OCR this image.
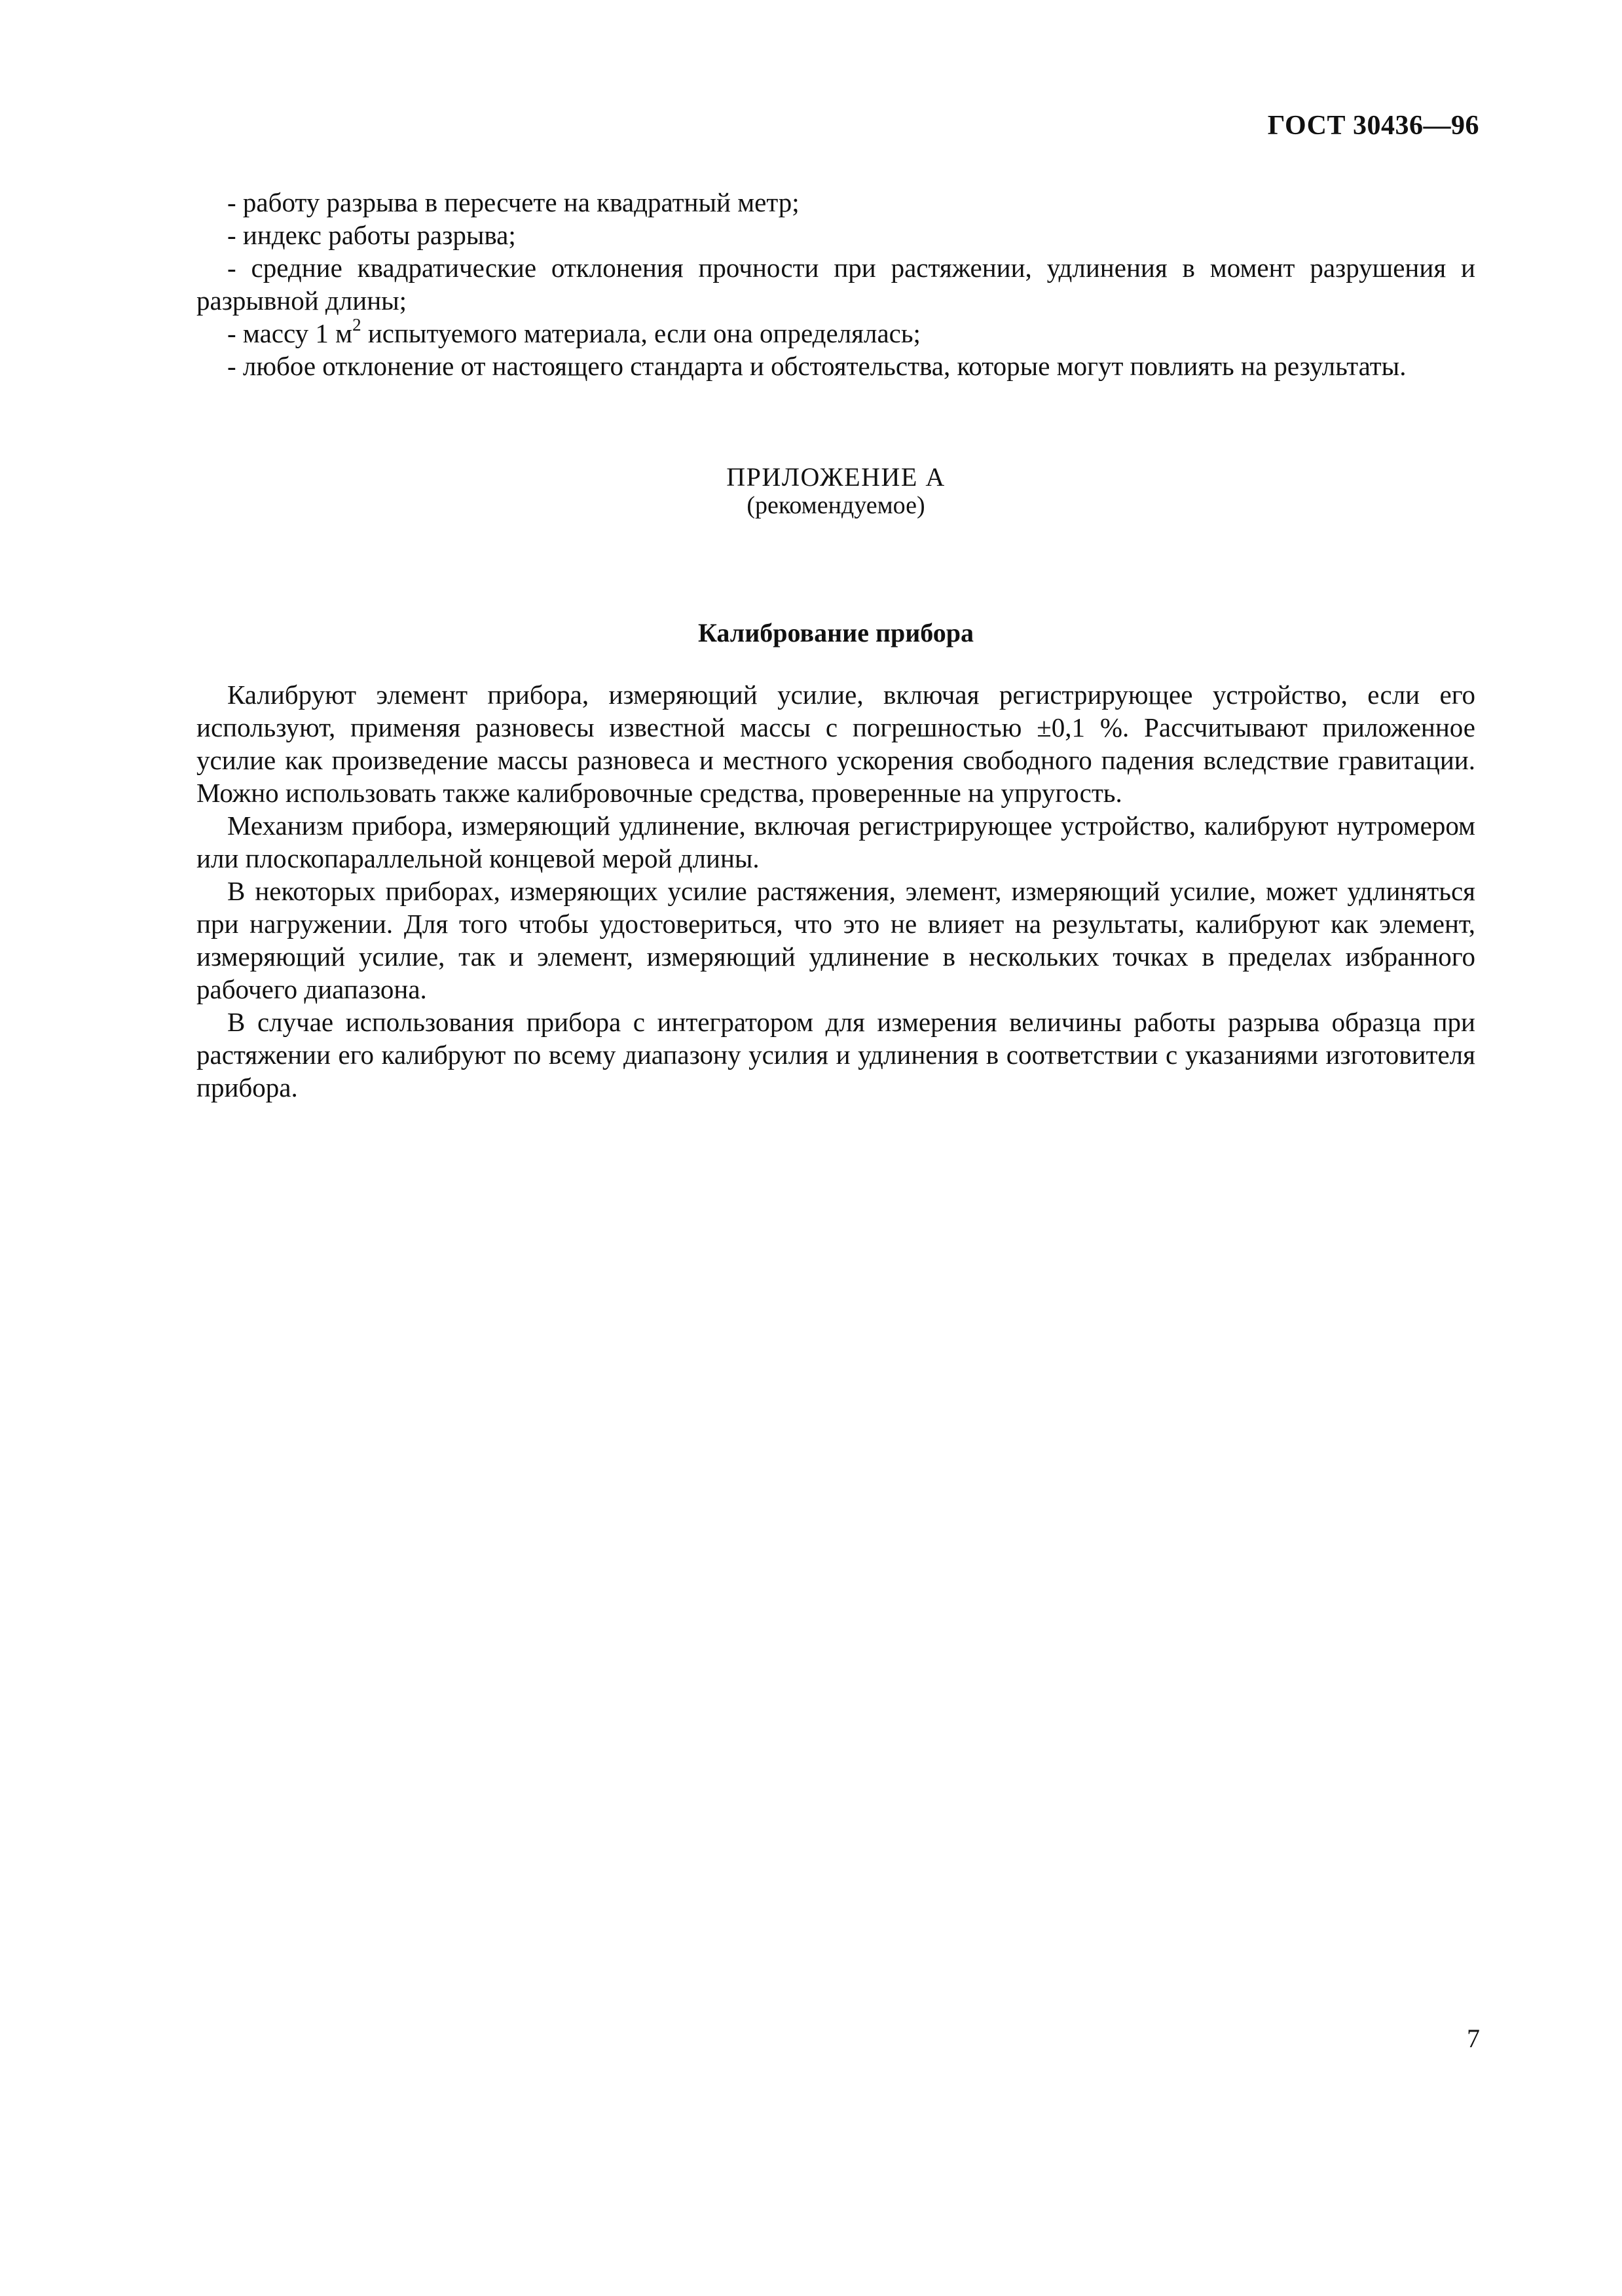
ГОСТ 30436—96

- работу разрыва в пересчете на квадратный метр;

- индекс работы разрыва;

- средние квадратические отклонения прочности при растяжении, удлинения в момент разрушения и разрывной длины;

- массу 1 $м^2$ испытуемого материала, если она определялась;

- любое отклонение от настоящего стандарта и обстоятельства, которые могут повлиять на результаты.

ПРИЛОЖЕНИЕ А
(рекомендуемое)
Калибрование прибора

Калибруют элемент прибора, измеряющий усилие, включая регистрирующее устройство, если его используют, применяя разновесы известной массы с погрешностью ±0,1 %. Рассчитывают приложенное усилие как произведение массы разновеса и местного ускорения свободного падения вследствие гравитации. Можно использовать также калибровочные средства, проверенные на упругость.

Механизм прибора, измеряющий удлинение, включая регистрирующее устройство, калибруют нутромером или плоскопараллельной концевой мерой длины.

В некоторых приборах, измеряющих усилие растяжения, элемент, измеряющий усилие, может удлиняться при нагружении. Для того чтобы удостовериться, что это не влияет на результаты, калибруют как элемент, измеряющий усилие, так и элемент, измеряющий удлинение в нескольких точках в пределах избранного рабочего диапазона.

В случае использования прибора с интегратором для измерения величины работы разрыва образца при растяжении его калибруют по всему диапазону усилия и удлинения в соответствии с указаниями изготовителя прибора.

7
